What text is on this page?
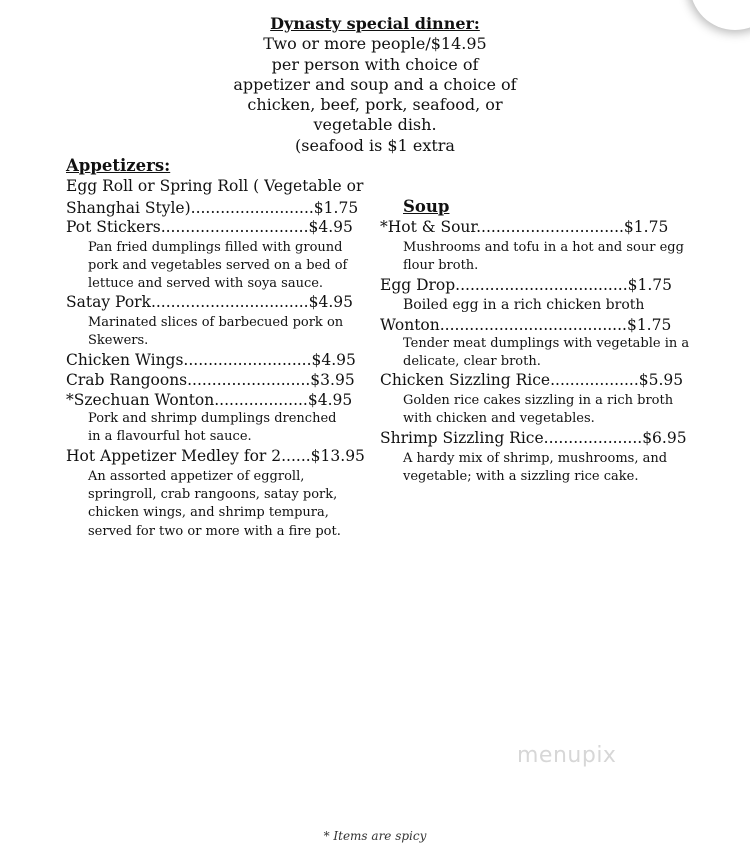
Dynasty special dinner:
Two or more people/$14.95
per person with choice of
appetizer and soup and a choice of
chicken, beef, pork, seafood, or
vegetable dish.
(seafood is $1 extra
Appetizers:
Egg Roll or Spring Roll ( Vegetable or
Shanghai Style).........................$1.75
Pot Stickers..............................$4.95
Pan fried dumplings filled with ground
pork and vegetables served on a bed of
lettuce and served with soya sauce.
Satay Pork................................$4.95
Marinated slices of barbecued pork on
Skewers.
Chicken Wings..........................$4.95
Crab Rangoons.........................$3.95
*Szechuan Wonton...................$4.95
Pork and shrimp dumplings drenched
in a flavourful hot sauce.
Hot Appetizer Medley for 2......$13.95
An assorted appetizer of eggroll,
springroll, crab rangoons, satay pork,
chicken wings, and shrimp tempura,
served for two or more with a fire pot.
Soup
*Hot & Sour..............................$1.75
Mushrooms and tofu in a hot and sour egg
flour broth.
Egg Drop...................................$1.75
Boiled egg in a rich chicken broth
Wonton......................................$1.75
Tender meat dumplings with vegetable in a
delicate, clear broth.
Chicken Sizzling Rice..................$5.95
Golden rice cakes sizzling in a rich broth
with chicken and vegetables.
Shrimp Sizzling Rice....................$6.95
A hardy mix of shrimp, mushrooms, and
vegetable; with a sizzling rice cake.
menupix
* Items are spicy
